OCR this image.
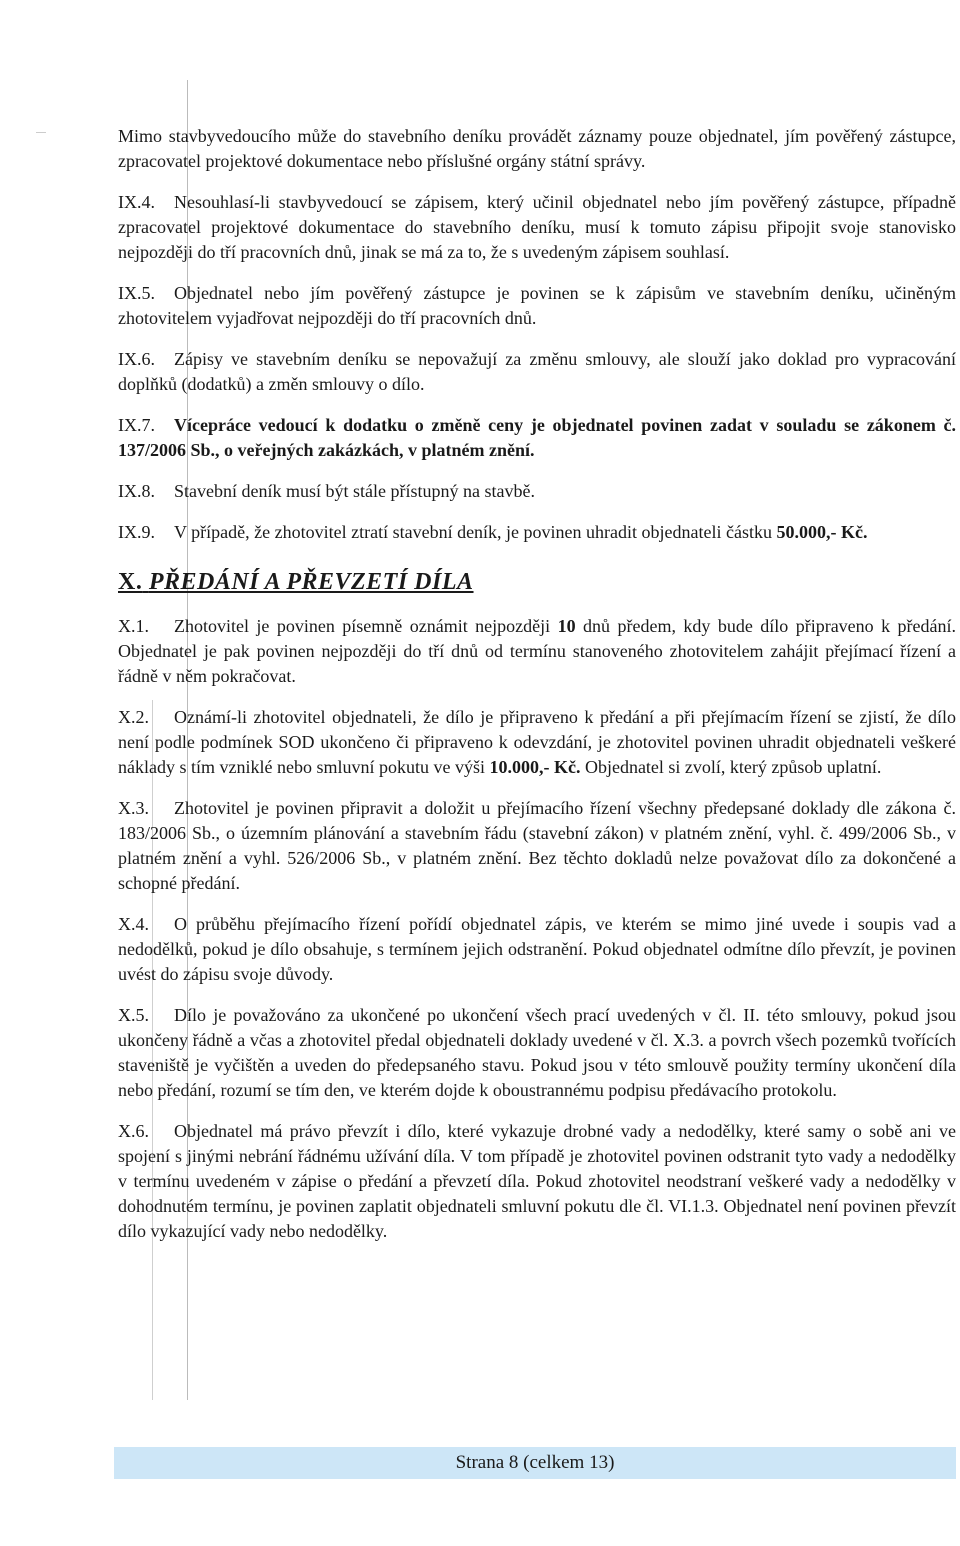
Mimo stavbyvedoucího může do stavebního deníku provádět záznamy pouze objednatel, jím pověřený zástupce, zpracovatel projektové dokumentace nebo příslušné orgány státní správy.

IX.4. Nesouhlasí-li stavbyvedoucí se zápisem, který učinil objednatel nebo jím pověřený zástupce, případně zpracovatel projektové dokumentace do stavebního deníku, musí k tomuto zápisu připojit svoje stanovisko nejpozději do tří pracovních dnů, jinak se má za to, že s uvedeným zápisem souhlasí.

IX.5. Objednatel nebo jím pověřený zástupce je povinen se k zápisům ve stavebním deníku, učiněným zhotovitelem vyjadřovat nejpozději do tří pracovních dnů.

IX.6. Zápisy ve stavebním deníku se nepovažují za změnu smlouvy, ale slouží jako doklad pro vypracování doplňků (dodatků) a změn smlouvy o dílo.

IX.7. Vícepráce vedoucí k dodatku o změně ceny je objednatel povinen zadat v souladu se zákonem č. 137/2006 Sb., o veřejných zakázkách, v platném znění.

IX.8. Stavební deník musí být stále přístupný na stavbě.

IX.9. V případě, že zhotovitel ztratí stavební deník, je povinen uhradit objednateli částku 50.000,- Kč.

X. PŘEDÁNÍ A PŘEVZETÍ DÍLA

X.1. Zhotovitel je povinen písemně oznámit nejpozději 10 dnů předem, kdy bude dílo připraveno k předání. Objednatel je pak povinen nejpozději do tří dnů od termínu stanoveného zhotovitelem zahájit přejímací řízení a řádně v něm pokračovat.

X.2. Oznámí-li zhotovitel objednateli, že dílo je připraveno k předání a při přejímacím řízení se zjistí, že dílo není podle podmínek SOD ukončeno či připraveno k odevzdání, je zhotovitel povinen uhradit objednateli veškeré náklady s tím vzniklé nebo smluvní pokutu ve výši 10.000,- Kč. Objednatel si zvolí, který způsob uplatní.

X.3. Zhotovitel je povinen připravit a doložit u přejímacího řízení všechny předepsané doklady dle zákona č. 183/2006 Sb., o územním plánování a stavebním řádu (stavební zákon) v platném znění, vyhl. č. 499/2006 Sb., v platném znění a vyhl. 526/2006 Sb., v platném znění. Bez těchto dokladů nelze považovat dílo za dokončené a schopné předání.

X.4. O průběhu přejímacího řízení pořídí objednatel zápis, ve kterém se mimo jiné uvede i soupis vad a nedodělků, pokud je dílo obsahuje, s termínem jejich odstranění. Pokud objednatel odmítne dílo převzít, je povinen uvést do zápisu svoje důvody.

X.5. Dílo je považováno za ukončené po ukončení všech prací uvedených v čl. II. této smlouvy, pokud jsou ukončeny řádně a včas a zhotovitel předal objednateli doklady uvedené v čl. X.3. a povrch všech pozemků tvořících staveniště je vyčištěn a uveden do předepsaného stavu. Pokud jsou v této smlouvě použity termíny ukončení díla nebo předání, rozumí se tím den, ve kterém dojde k oboustrannému podpisu předávacího protokolu.

X.6. Objednatel má právo převzít i dílo, které vykazuje drobné vady a nedodělky, které samy o sobě ani ve spojení s jinými nebrání řádnému užívání díla. V tom případě je zhotovitel povinen odstranit tyto vady a nedodělky v termínu uvedeném v zápise o předání a převzetí díla. Pokud zhotovitel neodstraní veškeré vady a nedodělky v dohodnutém termínu, je povinen zaplatit objednateli smluvní pokutu dle čl. VI.1.3. Objednatel není povinen převzít dílo vykazující vady nebo nedodělky.

Strana 8 (celkem 13)
